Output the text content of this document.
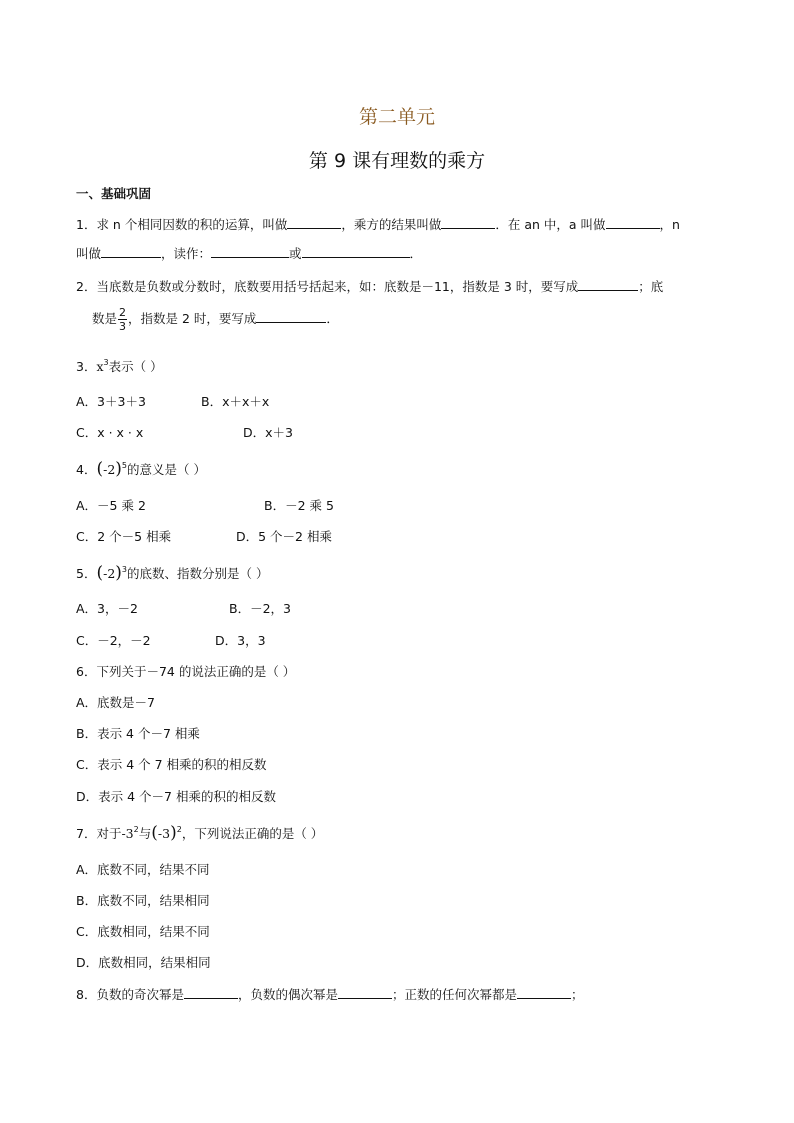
第二单元
第 9 课有理数的乘方
一、基础巩固
1．求 n 个相同因数的积的运算，叫做	，乘方的结果叫做	．在 an 中，a 叫做	，n
叫做	，读作：	或	．
2．当底数是负数或分数时，底数要用括号括起来，如：底数是－11，指数是 3 时，要写成	；底
数是 $\frac{2}{3}$ ，指数是 2 时，要写成	．
3．$x^3$表示（ ）
A．3＋3＋3	B．x＋x＋x
C．x · x · x	D．x＋3
4．$(-2)^5$的意义是（ ）
A．－5 乘 2	B．－2 乘 5
C．2 个－5 相乘	D．5 个－2 相乘
5．$(-2)^3$的底数、指数分别是（ ）
A．3，－2	B．－2，3
C．－2，－2	D．3，3
6．下列关于－74 的说法正确的是（ ）
A．底数是－7
B．表示 4 个－7 相乘
C．表示 4 个 7 相乘的积的相反数
D．表示 4 个－7 相乘的积的相反数
7．对于$-3^2$与$(-3)^2$，下列说法正确的是（ ）
A．底数不同，结果不同
B．底数不同，结果相同
C．底数相同，结果不同
D．底数相同，结果相同
8．负数的奇次幂是	，负数的偶次幂是	；正数的任何次幂都是	；
